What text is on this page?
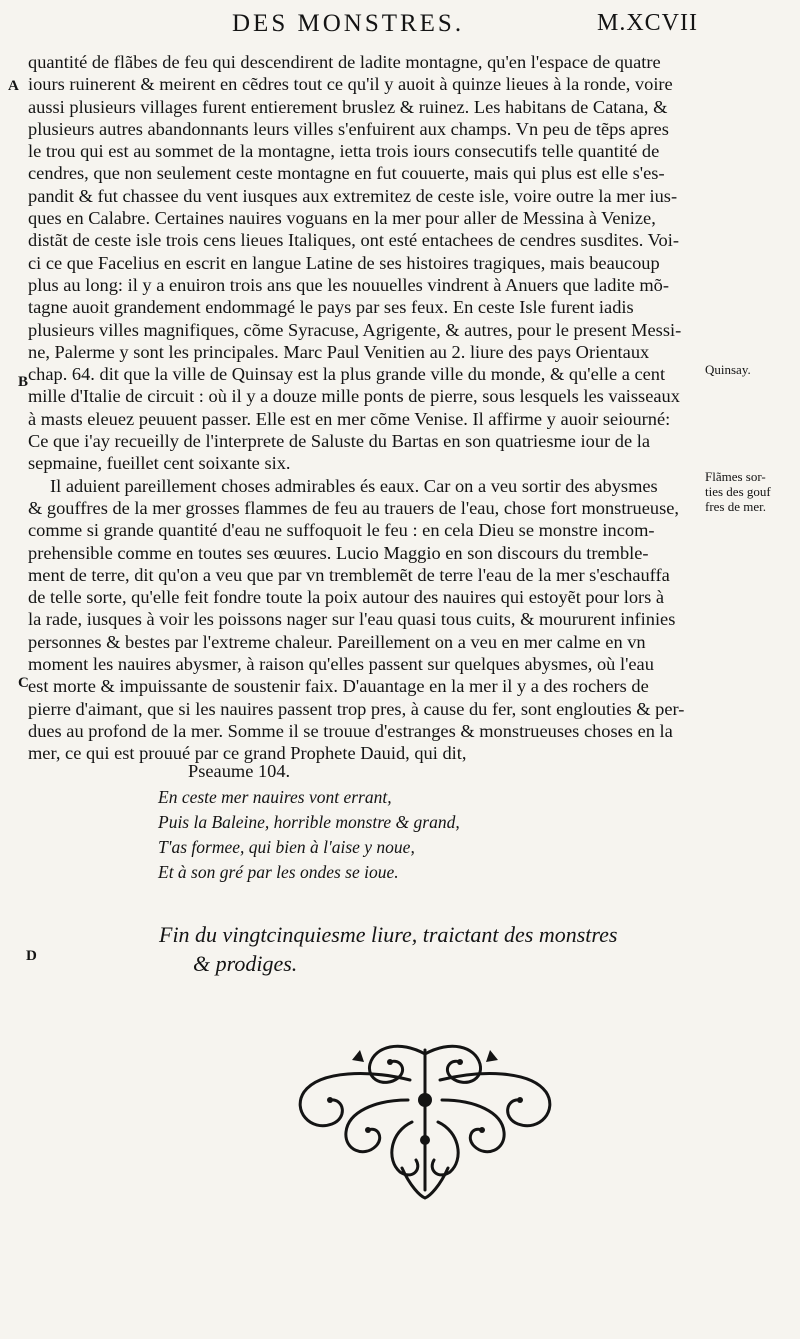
DES MONSTRES.	M.XCVII

quantité de flãbes de feu qui descendirent de ladite montagne, qu'en l'espace de quatre

iours ruinerent & meirent en cẽdres tout ce qu'il y auoit à quinze lieues à la ronde, voire

aussi plusieurs villages furent entierement bruslez & ruinez. Les habitans de Catana, &

plusieurs autres abandonnants leurs villes s'enfuirent aux champs. Vn peu de tẽps apres

le trou qui est au sommet de la montagne, ietta trois iours consecutifs telle quantité de

cendres, que non seulement ceste montagne en fut couuerte, mais qui plus est elle s'es-

pandit & fut chassee du vent iusques aux extremitez de ceste isle, voire outre la mer ius-

ques en Calabre. Certaines nauires voguans en la mer pour aller de Messina à Venize,

distãt de ceste isle trois cens lieues Italiques, ont esté entachees de cendres susdites. Voi-

ci ce que Facelius en escrit en langue Latine de ses histoires tragiques, mais beaucoup

plus au long: il y a enuiron trois ans que les nouuelles vindrent à Anuers que ladite mõ-

tagne auoit grandement endommagé le pays par ses feux. En ceste Isle furent iadis

plusieurs villes magnifiques, cõme Syracuse, Agrigente, & autres, pour le present Messi-

ne, Palerme y sont les principales. Marc Paul Venitien au 2. liure des pays Orientaux

chap. 64. dit que la ville de Quinsay est la plus grande ville du monde, & qu'elle a cent

mille d'Italie de circuit : où il y a douze mille ponts de pierre, sous lesquels les vaisseaux

à masts eleuez peuuent passer. Elle est en mer cõme Venise. Il affirme y auoir seiourné:

Ce que i'ay recueilly de l'interprete de Saluste du Bartas en son quatriesme iour de la

sepmaine, fueillet cent soixante six.

Il aduient pareillement choses admirables és eaux. Car on a veu sortir des abysmes

& gouffres de la mer grosses flammes de feu au trauers de l'eau, chose fort monstrueuse,

comme si grande quantité d'eau ne suffoquoit le feu : en cela Dieu se monstre incom-

prehensible comme en toutes ses œuures. Lucio Maggio en son discours du tremble-

ment de terre, dit qu'on a veu que par vn tremblemẽt de terre l'eau de la mer s'eschauffa

de telle sorte, qu'elle feit fondre toute la poix autour des nauires qui estoyẽt pour lors à

la rade, iusques à voir les poissons nager sur l'eau quasi tous cuits, & moururent infinies

personnes & bestes par l'extreme chaleur. Pareillement on a veu en mer calme en vn

moment les nauires abysmer, à raison qu'elles passent sur quelques abysmes, où l'eau

est morte & impuissante de soustenir faix. D'auantage en la mer il y a des rochers de

pierre d'aimant, que si les nauires passent trop pres, à cause du fer, sont englouties & per-

dues au profond de la mer. Somme il se trouue d'estranges & monstrueuses choses en la

mer, ce qui est prouué par ce grand Prophete Dauid, qui dit,

A
B
C
D
Quinsay.
Flãmes sor-
ties des gouf
fres de mer.
Pseaume 104.
En ceste mer nauires vont errant,
Puis la Baleine, horrible monstre & grand,
T'as formee, qui bien à l'aise y noue,
Et à son gré par les ondes se ioue.
Fin du vingtcinquiesme liure, traictant des monstres
& prodiges.
